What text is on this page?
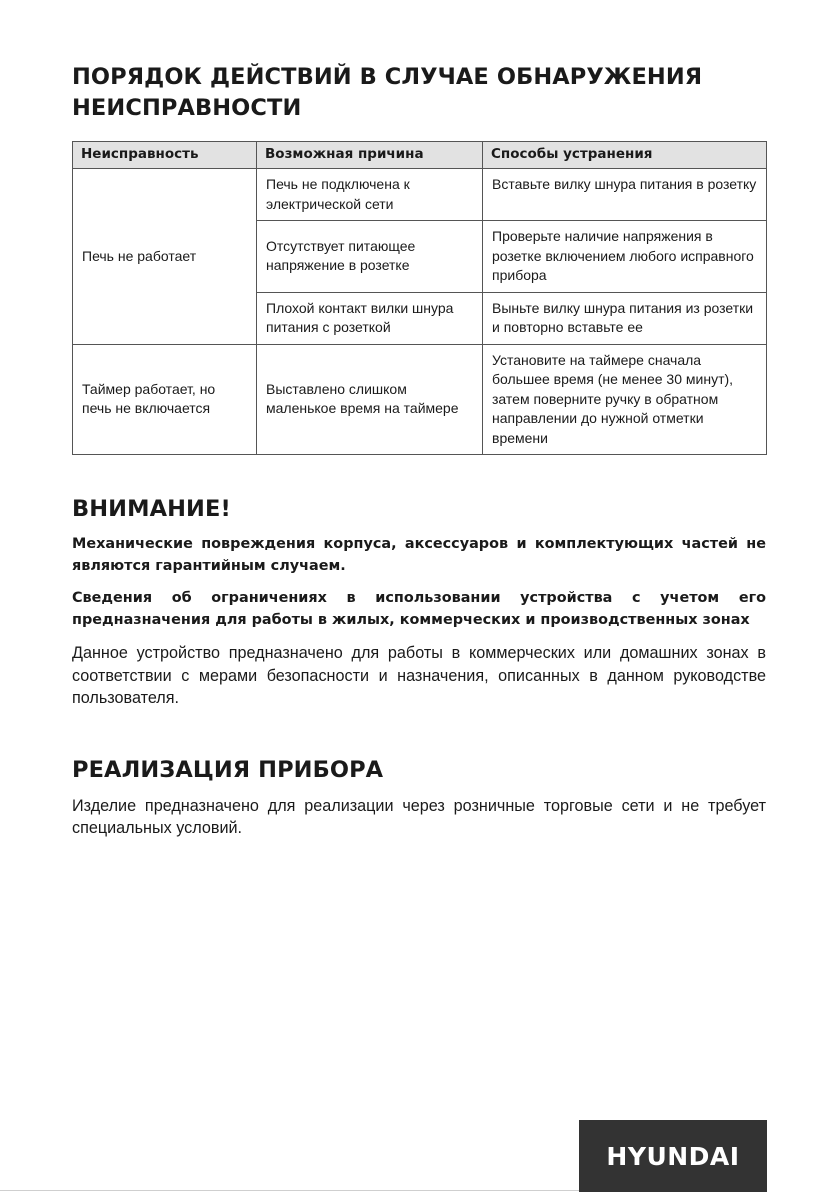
ПОРЯДОК ДЕЙСТВИЙ В СЛУЧАЕ ОБНАРУЖЕНИЯ НЕИСПРАВНОСТИ
Неисправность	Возможная причина	Способы устранения
Печь не работает	Печь не подключена к электрической сети	Вставьте вилку шнура питания в розетку
	Отсутствует питающее напряжение в розетке	Проверьте наличие напряжения в розетке включением любого исправного прибора
	Плохой контакт вилки шнура питания с розеткой	Выньте вилку шнура питания из розетки и повторно вставьте ее
Таймер работает, но печь не включается	Выставлено слишком маленькое время на таймере	Установите на таймере сначала большее время (не менее 30 минут), затем поверните ручку в обратном направлении до нужной отметки времени
ВНИМАНИЕ!

Механические повреждения корпуса, аксессуаров и комплектующих частей не являются гарантийным случаем.

Сведения об ограничениях в использовании устройства с учетом его предназначения для работы в жилых, коммерческих и производственных зонах

Данное устройство предназначено для работы в коммерческих или домашних зонах в соответствии с мерами безопасности и назначения, описанных в данном руководстве пользователя.

РЕАЛИЗАЦИЯ ПРИБОРА

Изделие предназначено для реализации через розничные торговые сети и не требует специальных условий.

HYUNDAI
